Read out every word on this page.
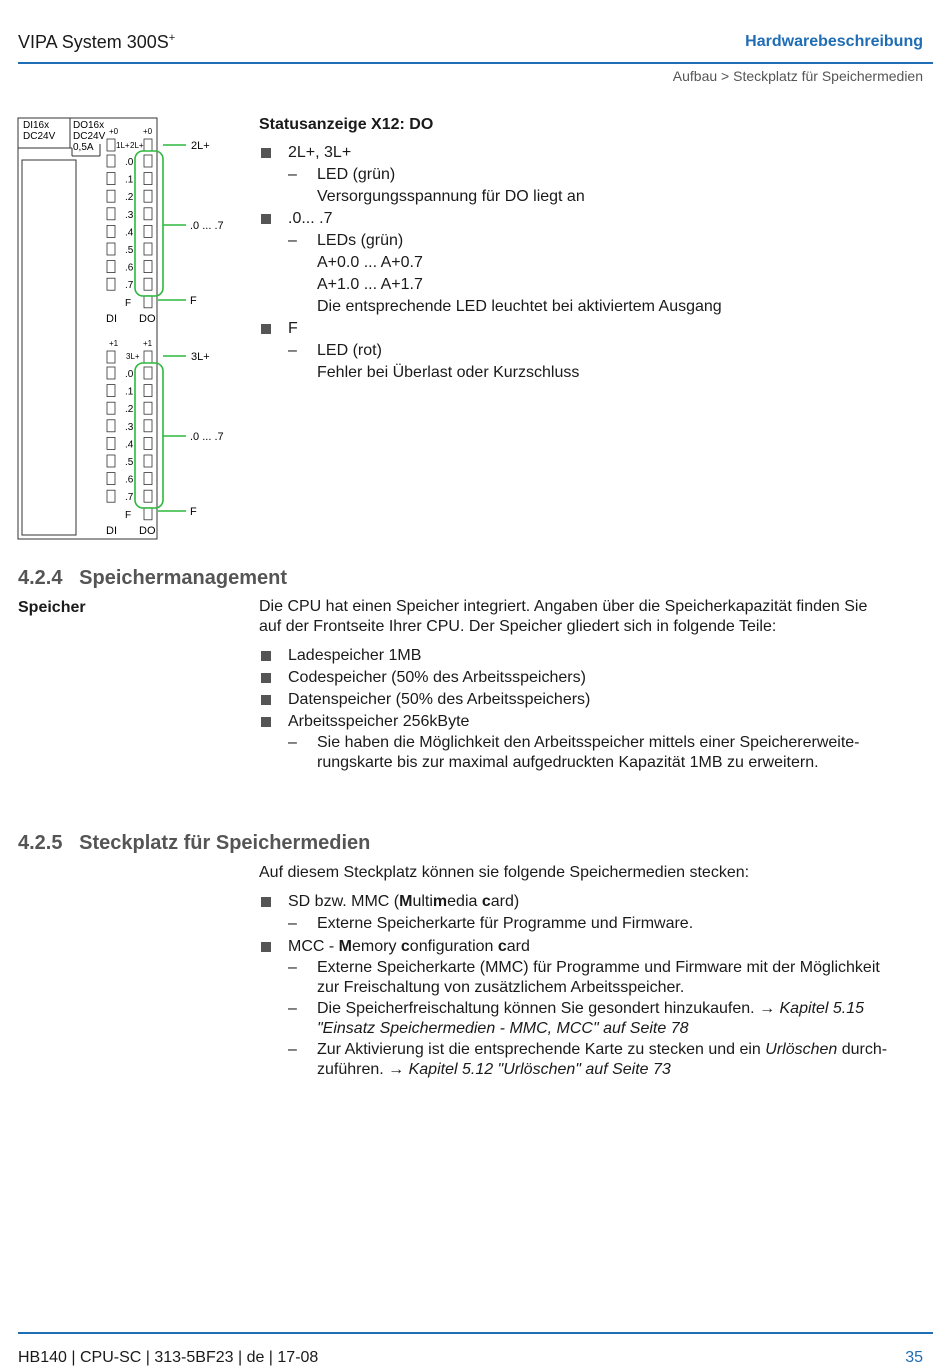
VIPA System 300S+	Hardwarebeschreibung
Aufbau > Steckplatz für Speichermedien
DI16x
DC24V
DO16x
DC24V
0,5A
+0	+0
1L+ 2L+
+1	+1
3L+
.0
.1
.2
.3
.4
.5
.6
.7
F
DI DO
.0
.1
.2
.3
.4
.5
.6
.7
F
DI DO
2L+
.0 ... .7
F
3L+
.0 ... .7
F
Statusanzeige X12: DO
2L+, 3L+
– LED (grün)
Versorgungsspannung für DO liegt an
.0... .7
– LEDs (grün)
A+0.0 ... A+0.7
A+1.0 ... A+1.7
Die entsprechende LED leuchtet bei aktiviertem Ausgang
F
– LED (rot)
Fehler bei Überlast oder Kurzschluss
4.2.4 Speichermanagement
Speicher	Die CPU hat einen Speicher integriert. Angaben über die Speicherkapazität finden Sie
auf der Frontseite Ihrer CPU. Der Speicher gliedert sich in folgende Teile:
Ladespeicher 1MB
Codespeicher (50% des Arbeitsspeichers)
Datenspeicher (50% des Arbeitsspeichers)
Arbeitsspeicher 256kByte
– Sie haben die Möglichkeit den Arbeitsspeicher mittels einer Speichererweite-
rungskarte bis zur maximal aufgedruckten Kapazität 1MB zu erweitern.
4.2.5 Steckplatz für Speichermedien
Auf diesem Steckplatz können sie folgende Speichermedien stecken:
SD bzw. MMC (Multimedia card)
– Externe Speicherkarte für Programme und Firmware.
MCC - Memory configuration card
– Externe Speicherkarte (MMC) für Programme und Firmware mit der Möglichkeit
zur Freischaltung von zusätzlichem Arbeitsspeicher.
– Die Speicherfreischaltung können Sie gesondert hinzukaufen. → Kapitel 5.15
"Einsatz Speichermedien - MMC, MCC" auf Seite 78
– Zur Aktivierung ist die entsprechende Karte zu stecken und ein Urlöschen durch-
zuführen. → Kapitel 5.12 "Urlöschen" auf Seite 73
HB140 | CPU-SC | 313-5BF23 | de | 17-08	35
